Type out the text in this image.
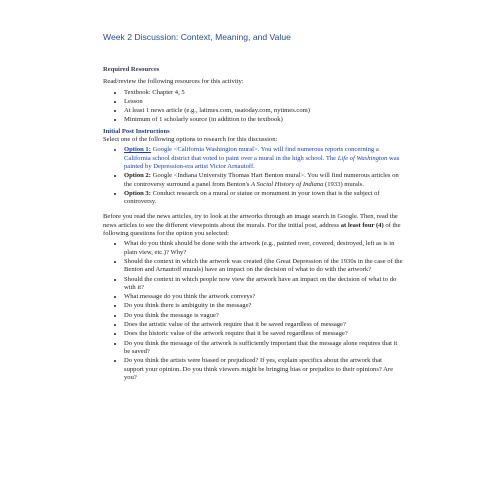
Week 2 Discussion: Context, Meaning, and Value

Required Resources

Read/review the following resources for this activity:

• Textbook: Chapter 4, 5
• Lesson
• At least 1 news article (e.g., latimes.com, usatoday.com, nytimes.com)
• Minimum of 1 scholarly source (in addition to the textbook)

Initial Post Instructions

Select one of the following options to research for this discussion:

• Option 1: Google <California Washington mural>. You will find numerous reports concerning a California school district that voted to paint over a mural in the high school. The Life of Washington was painted by Depression-era artist Victor Arnautoff.
• Option 2: Google <Indiana University Thomas Hart Benton mural>. You will find numerous articles on the controversy surround a panel from Benton's A Social History of Indiana (1933) murals.
• Option 3: Conduct research on a mural or statue or monument in your town that is the subject of controversy.

Before you read the news articles, try to look at the artworks through an image search in Google. Then, read the news articles to see the different viewpoints about the murals. For the initial post, address at least four (4) of the following questions for the option you selected:

• What do you think should be done with the artwork (e.g., painted over, covered, destroyed, left as is in plain view, etc.)? Why?
• Should the context in which the artwork was created (the Great Depression of the 1930s in the case of the Benton and Arnautoff murals) have an impact on the decision of what to do with the artwork?
• Should the context in which people now view the artwork have an impact on the decision of what to do with it?
• What message do you think the artwork conveys?
• Do you think there is ambiguity in the message?
• Do you think the message is vague?
• Does the artistic value of the artwork require that it be saved regardless of message?
• Does the historic value of the artwork require that it be saved regardless of message?
• Do you think the message of the artwork is sufficiently important that the message alone requires that it be saved?
• Do you think the artists were biased or prejudiced? If yes, explain specifics about the artwork that support your opinion. Do you think viewers might be bringing bias or prejudice to their opinions? Are you?
